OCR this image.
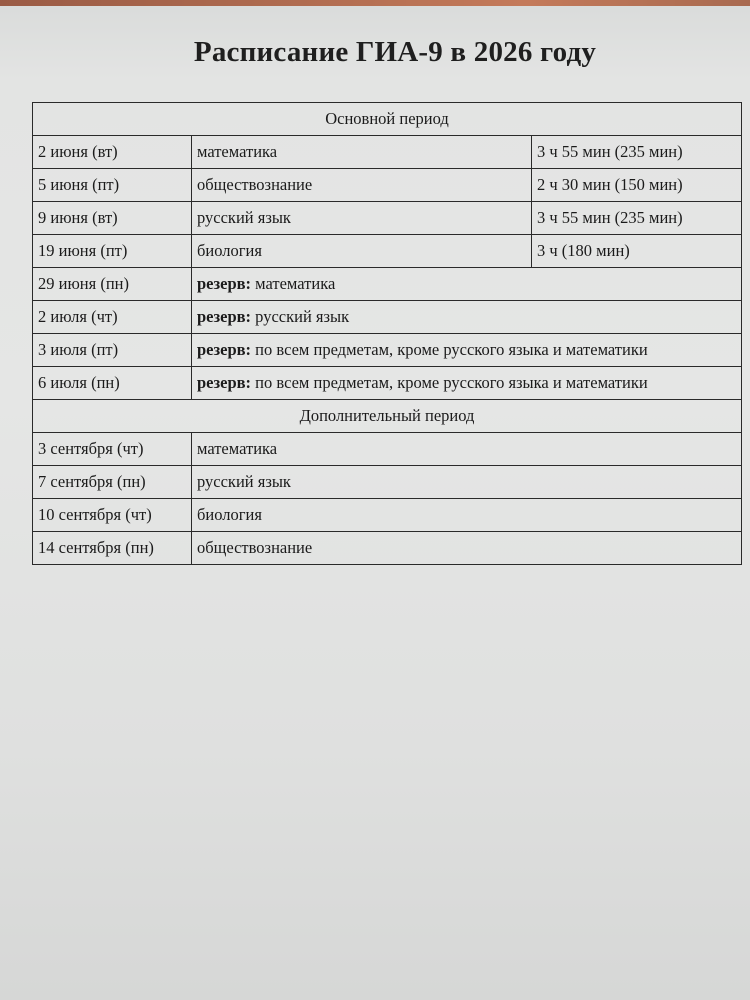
Расписание ГИА-9 в 2026 году
Основной период		
2 июня (вт)	математика	3 ч 55 мин (235 мин)
5 июня (пт)	обществознание	2 ч 30 мин (150 мин)
9 июня (вт)	русский язык	3 ч 55 мин (235 мин)
19 июня (пт)	биология	3 ч (180 мин)
29 июня (пн)	резерв: математика	
2 июля (чт)	резерв: русский язык	
3 июля (пт)	резерв: по всем предметам, кроме русского языка и математики	
6 июля (пн)	резерв: по всем предметам, кроме русского языка и математики	
Дополнительный период		
3 сентября (чт)	математика	
7 сентября (пн)	русский язык	
10 сентября (чт)	биология	
14 сентября (пн)	обществознание	
